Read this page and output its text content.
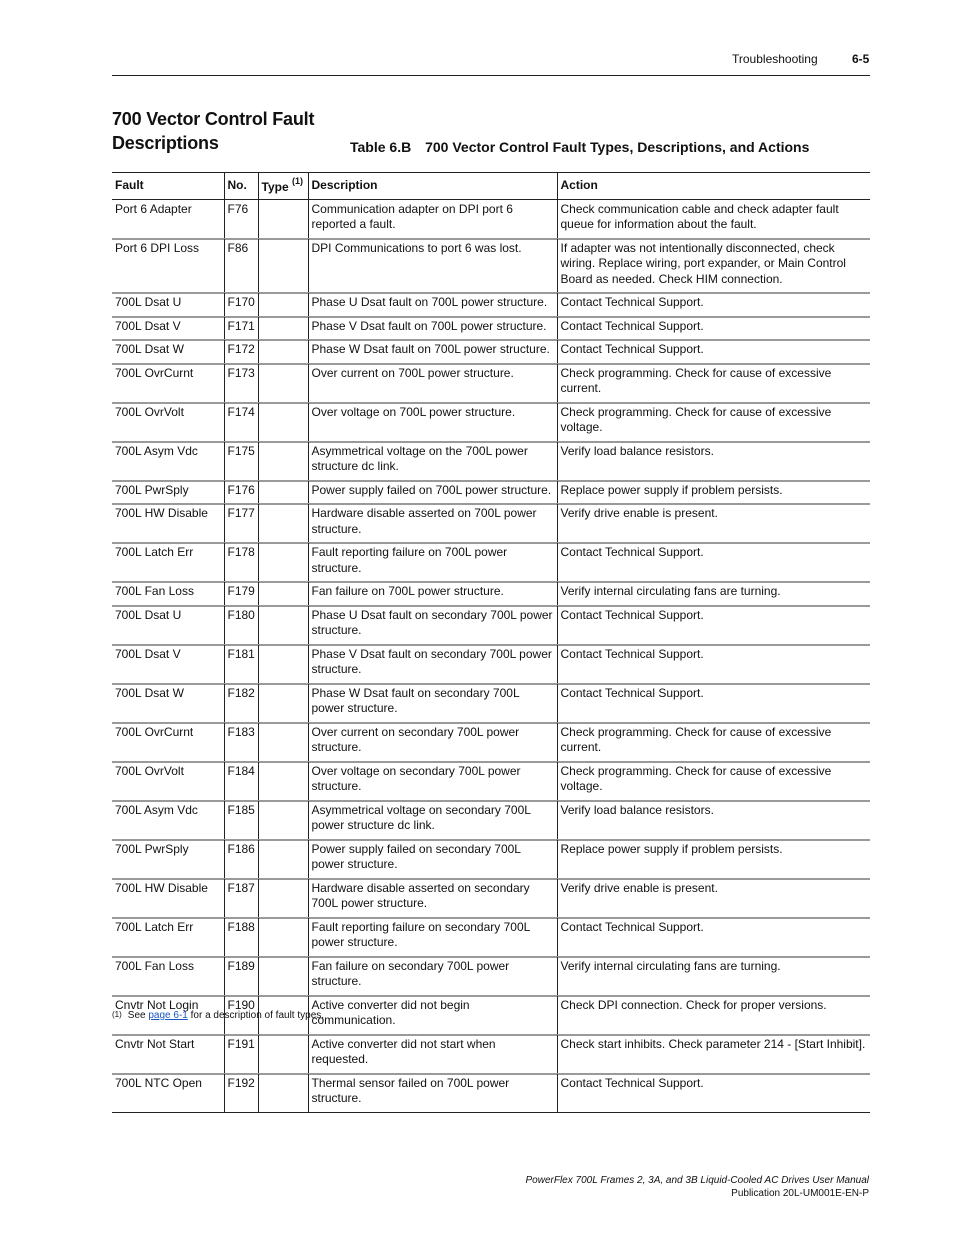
Troubleshooting	6-5
700 Vector Control Fault Descriptions	Table 6.B 700 Vector Control Fault Types, Descriptions, and Actions
Fault	No.	Type $^{(1)}$	Description	Action
Port 6 Adapter	F76		Communication adapter on DPI port 6 reported a fault.	Check communication cable and check adapter fault queue for information about the fault.
Port 6 DPI Loss	F86		DPI Communications to port 6 was lost.	If adapter was not intentionally disconnected, check wiring. Replace wiring, port expander, or Main Control Board as needed. Check HIM connection.
700L Dsat U	F170		Phase U Dsat fault on 700L power structure.	Contact Technical Support.
700L Dsat V	F171		Phase V Dsat fault on 700L power structure.	Contact Technical Support.
700L Dsat W	F172		Phase W Dsat fault on 700L power structure.	Contact Technical Support.
700L OvrCurnt	F173		Over current on 700L power structure.	Check programming. Check for cause of excessive current.
700L OvrVolt	F174		Over voltage on 700L power structure.	Check programming. Check for cause of excessive voltage.
700L Asym Vdc	F175		Asymmetrical voltage on the 700L power structure dc link.	Verify load balance resistors.
700L PwrSply	F176		Power supply failed on 700L power structure.	Replace power supply if problem persists.
700L HW Disable	F177		Hardware disable asserted on 700L power structure.	Verify drive enable is present.
700L Latch Err	F178		Fault reporting failure on 700L power structure.	Contact Technical Support.
700L Fan Loss	F179		Fan failure on 700L power structure.	Verify internal circulating fans are turning.
700L Dsat U	F180		Phase U Dsat fault on secondary 700L power structure.	Contact Technical Support.
700L Dsat V	F181		Phase V Dsat fault on secondary 700L power structure.	Contact Technical Support.
700L Dsat W	F182		Phase W Dsat fault on secondary 700L power structure.	Contact Technical Support.
700L OvrCurnt	F183		Over current on secondary 700L power structure.	Check programming. Check for cause of excessive current.
700L OvrVolt	F184		Over voltage on secondary 700L power structure.	Check programming. Check for cause of excessive voltage.
700L Asym Vdc	F185		Asymmetrical voltage on secondary 700L power structure dc link.	Verify load balance resistors.
700L PwrSply	F186		Power supply failed on secondary 700L power structure.	Replace power supply if problem persists.
700L HW Disable	F187		Hardware disable asserted on secondary 700L power structure.	Verify drive enable is present.
700L Latch Err	F188		Fault reporting failure on secondary 700L power structure.	Contact Technical Support.
700L Fan Loss	F189		Fan failure on secondary 700L power structure.	Verify internal circulating fans are turning.
Cnvtr Not Login	F190		Active converter did not begin communication.	Check DPI connection. Check for proper versions.
Cnvtr Not Start	F191		Active converter did not start when requested.	Check start inhibits. Check parameter 214 - [Start Inhibit].
700L NTC Open	F192		Thermal sensor failed on 700L power structure.	Contact Technical Support.
$^{(1)}$ See page 6-1 for a description of fault types.
PowerFlex 700L Frames 2, 3A, and 3B Liquid-Cooled AC Drives User Manual
Publication 20L-UM001E-EN-P
